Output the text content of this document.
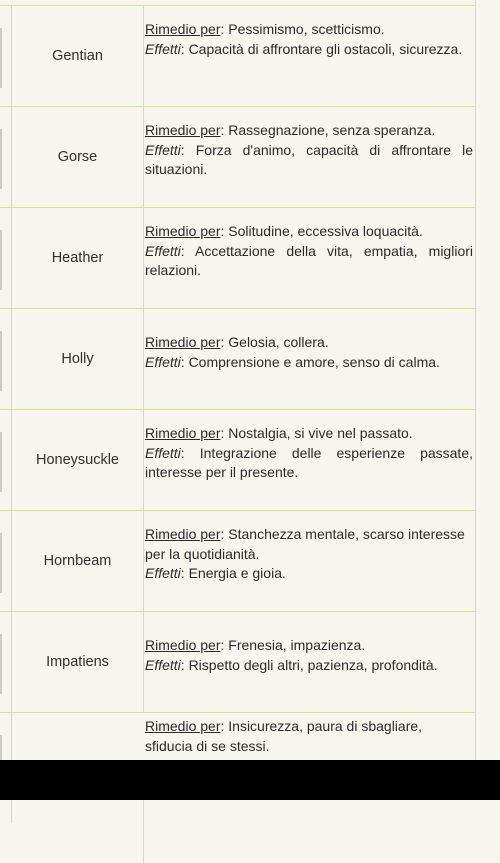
Gentian
Rimedio per: Pessimismo, scetticismo.
Effetti: Capacità di affrontare gli ostacoli, sicurezza.
Gorse
Rimedio per: Rassegnazione, senza speranza.
Effetti: Forza d'animo, capacità di affrontare le situazioni.
Heather
Rimedio per: Solitudine, eccessiva loquacità.
Effetti: Accettazione della vita, empatia, migliori relazioni.
Holly
Rimedio per: Gelosia, collera.
Effetti: Comprensione e amore, senso di calma.
Honeysuckle
Rimedio per: Nostalgia, si vive nel passato.
Effetti: Integrazione delle esperienze passate, interesse per il presente.
Hornbeam
Rimedio per: Stanchezza mentale, scarso interesse per la quotidianità.
Effetti: Energia e gioia.
Impatiens
Rimedio per: Frenesia, impazienza.
Effetti: Rispetto degli altri, pazienza, profondità.
Rimedio per: Insicurezza, paura di sbagliare, sfiducia di se stessi.
